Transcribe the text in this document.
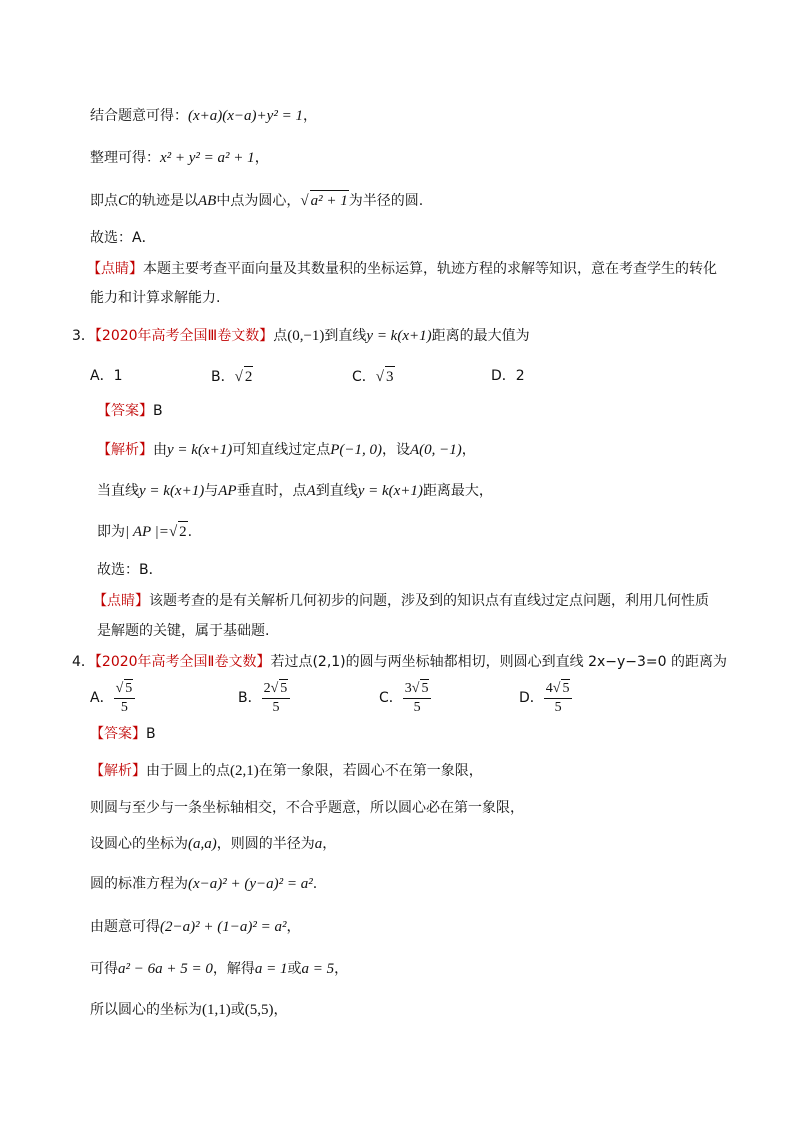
结合题意可得：(x+a)(x−a)+y² = 1，
整理可得：x² + y² = a² + 1，
即点C的轨迹是以AB中点为圆心，√ a² + 1为半径的圆.
故选：A．
【点睛】本题主要考查平面向量及其数量积的坐标运算，轨迹方程的求解等知识，意在考查学生的转化
能力和计算求解能力.
3．【2020年高考全国Ⅲ卷文数】点(0,−1)到直线y = k(x+1)距离的最大值为
A．1	B．√ 2	C．√ 3	D．2
【答案】B
【解析】由y = k(x+1)可知直线过定点P(−1, 0)，设A(0, −1)，
当直线y = k(x+1)与AP垂直时，点A到直线y = k(x+1)距离最大，
即为| AP |=√ 2.
故选：B．
【点睛】该题考查的是有关解析几何初步的问题，涉及到的知识点有直线过定点问题，利用几何性质
是解题的关键，属于基础题.
4．【2020年高考全国Ⅱ卷文数】若过点(2,1)的圆与两坐标轴都相切，则圆心到直线 2x−y−3=0 的距离为
A． $\frac{√ 5}{5}$	B． $\frac{2√ 5}{5}$	C． $\frac{3√ 5}{5}$	D． $\frac{4√ 5}{5}$
【答案】B
【解析】由于圆上的点(2,1)在第一象限，若圆心不在第一象限，
则圆与至少与一条坐标轴相交，不合乎题意，所以圆心必在第一象限，
设圆心的坐标为(a,a)，则圆的半径为a，
圆的标准方程为(x−a)² + (y−a)² = a².
由题意可得(2−a)² + (1−a)² = a²，
可得a² − 6a + 5 = 0，解得a = 1或a = 5，
所以圆心的坐标为(1,1)或(5,5)，
